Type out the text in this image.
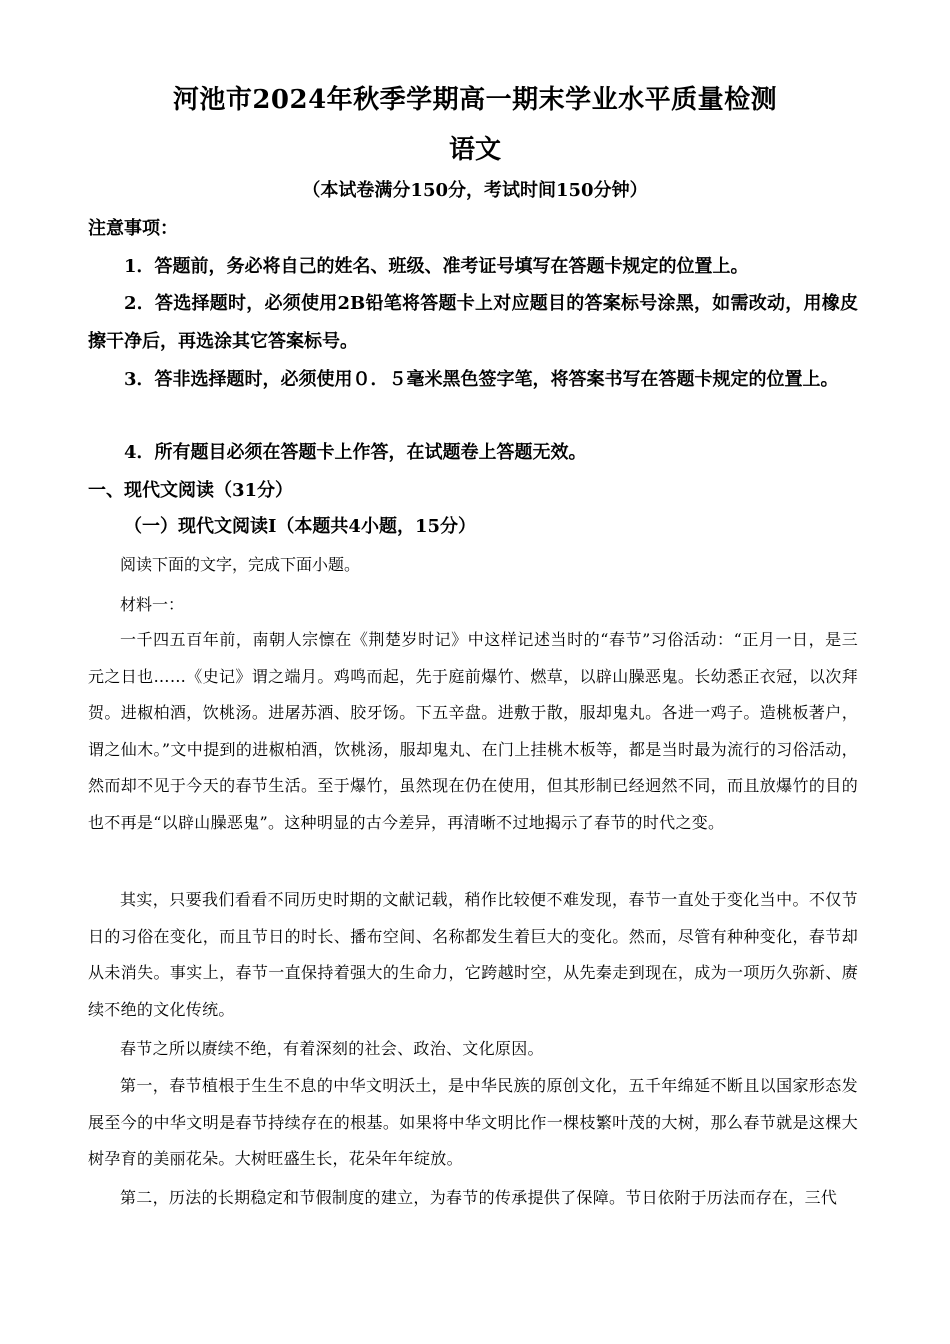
河池市2024年秋季学期高一期末学业水平质量检测
语文
（本试卷满分150分，考试时间150分钟）
注意事项：
1．答题前，务必将自己的姓名、班级、准考证号填写在答题卡规定的位置上。
2．答选择题时，必须使用2B铅笔将答题卡上对应题目的答案标号涂黑，如需改动，用橡皮擦干净后，再选涂其它答案标号。
3．答非选择题时，必须使用０．５毫米黑色签字笔，将答案书写在答题卡规定的位置上。
4．所有题目必须在答题卡上作答，在试题卷上答题无效。
一、现代文阅读（31分）
（一）现代文阅读Ⅰ（本题共4小题，15分）
阅读下面的文字，完成下面小题。
材料一：
一千四五百年前，南朝人宗懔在《荆楚岁时记》中这样记述当时的“春节”习俗活动：“正月一日，是三元之日也……《史记》谓之端月。鸡鸣而起，先于庭前爆竹、燃草，以辟山臊恶鬼。长幼悉正衣冠，以次拜贺。进椒柏酒，饮桃汤。进屠苏酒、胶牙饧。下五辛盘。进敷于散，服却鬼丸。各进一鸡子。造桃板著户，谓之仙木。”文中提到的进椒柏酒，饮桃汤，服却鬼丸、在门上挂桃木板等，都是当时最为流行的习俗活动，然而却不见于今天的春节生活。至于爆竹，虽然现在仍在使用，但其形制已经迥然不同，而且放爆竹的目的也不再是“以辟山臊恶鬼”。这种明显的古今差异，再清晰不过地揭示了春节的时代之变。
其实，只要我们看看不同历史时期的文献记载，稍作比较便不难发现，春节一直处于变化当中。不仅节日的习俗在变化，而且节日的时长、播布空间、名称都发生着巨大的变化。然而，尽管有种种变化，春节却从未消失。事实上，春节一直保持着强大的生命力，它跨越时空，从先秦走到现在，成为一项历久弥新、赓续不绝的文化传统。
春节之所以赓续不绝，有着深刻的社会、政治、文化原因。
第一，春节植根于生生不息的中华文明沃土，是中华民族的原创文化，五千年绵延不断且以国家形态发展至今的中华文明是春节持续存在的根基。如果将中华文明比作一棵枝繁叶茂的大树，那么春节就是这棵大树孕育的美丽花朵。大树旺盛生长，花朵年年绽放。
第二，历法的长期稳定和节假制度的建立，为春节的传承提供了保障。节日依附于历法而存在，三代
